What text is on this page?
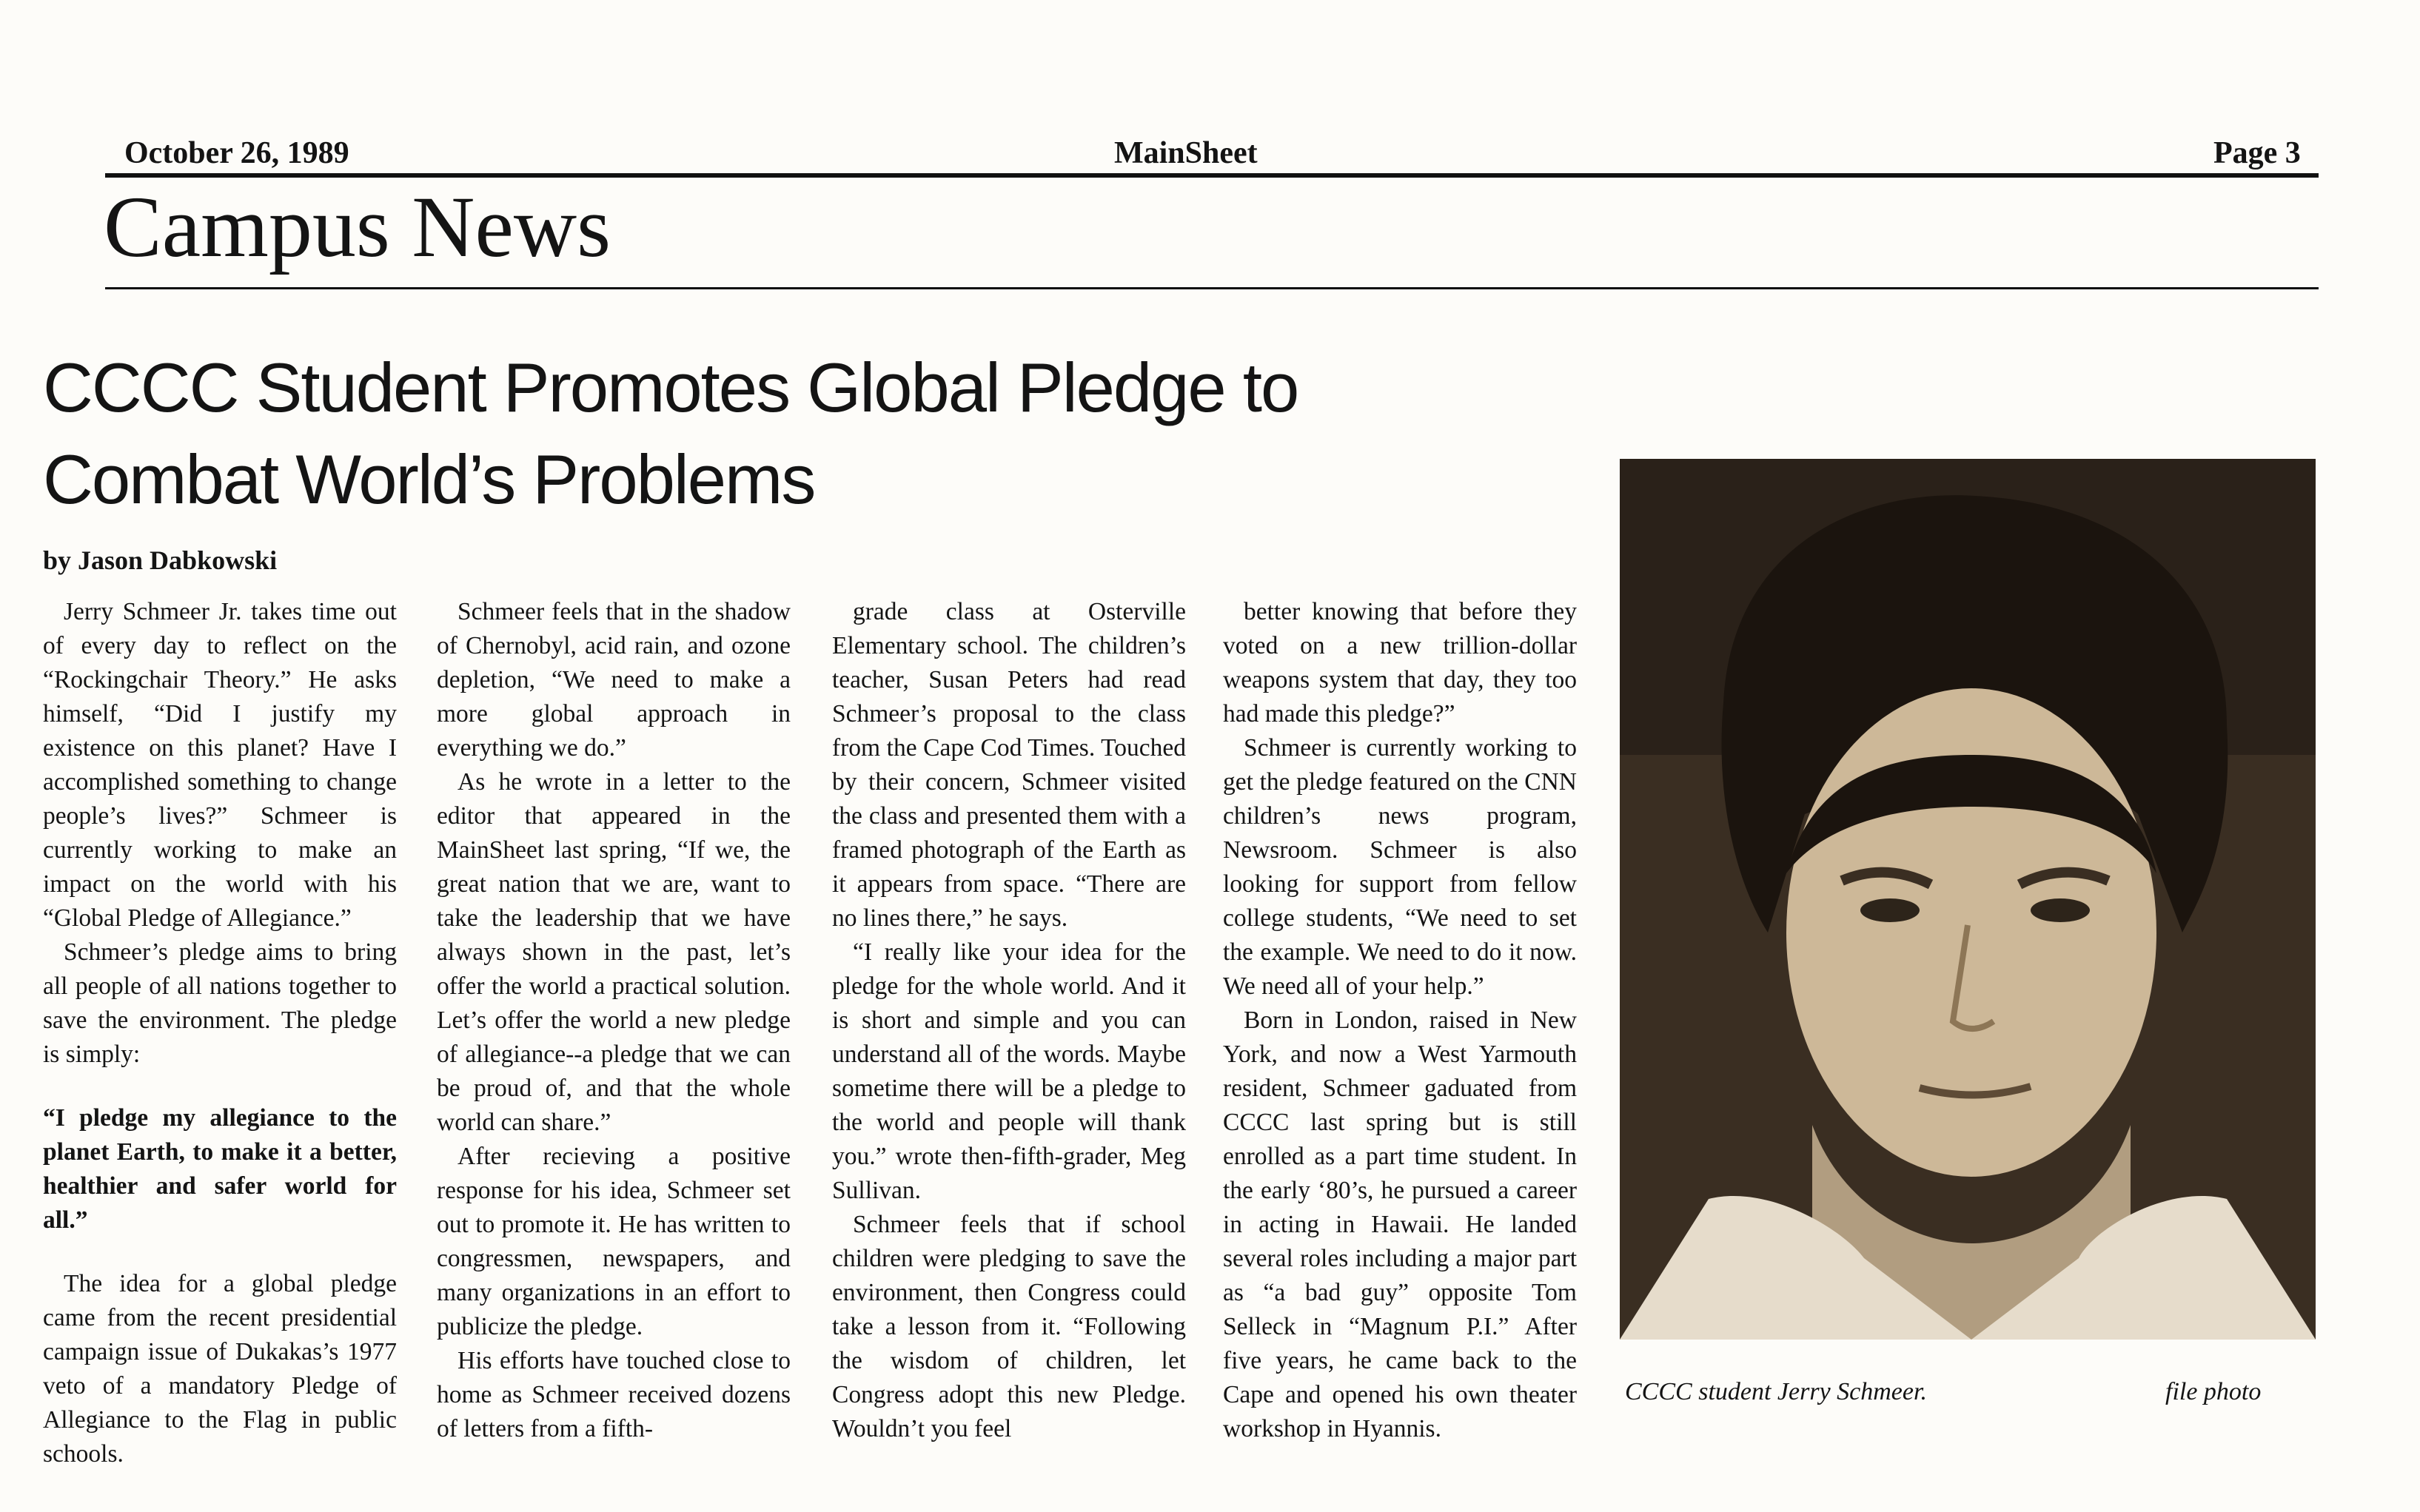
October 26, 1989	MainSheet	Page 3
Campus News
CCCC Student Promotes Global Pledge to
Combat World’s Problems
by Jason Dabkowski

Jerry Schmeer Jr. takes time out of every day to reflect on the “Rockingchair Theory.” He asks himself, “Did I justify my existence on this planet? Have I accomplished something to change people’s lives?” Schmeer is currently working to make an impact on the world with his “Global Pledge of Allegiance.”

Schmeer’s pledge aims to bring all people of all nations together to save the environment. The pledge is simply:

“I pledge my allegiance to the planet Earth, to make it a better, healthier and safer world for all.”

The idea for a global pledge came from the recent presidential campaign issue of Dukakas’s 1977 veto of a mandatory Pledge of Allegiance to the Flag in public schools.

Schmeer feels that in the shadow of Chernobyl, acid rain, and ozone depletion, “We need to make a more global approach in everything we do.”

As he wrote in a letter to the editor that appeared in the MainSheet last spring, “If we, the great nation that we are, want to take the leadership that we have always shown in the past, let’s offer the world a practical solution. Let’s offer the world a new pledge of allegiance--a pledge that we can be proud of, and that the whole world can share.”

After recieving a positive response for his idea, Schmeer set out to promote it. He has written to congressmen, newspapers, and many organizations in an effort to publicize the pledge.

His efforts have touched close to home as Schmeer received dozens of letters from a fifth-

grade class at Osterville Elementary school. The children’s teacher, Susan Peters had read Schmeer’s proposal to the class from the Cape Cod Times. Touched by their concern, Schmeer visited the class and presented them with a framed photograph of the Earth as it appears from space. “There are no lines there,” he says.

“I really like your idea for the pledge for the whole world. And it is short and simple and you can understand all of the words. Maybe sometime there will be a pledge to the world and people will thank you.” wrote then-fifth-grader, Meg Sullivan.

Schmeer feels that if school children were pledging to save the environment, then Congress could take a lesson from it. “Following the wisdom of children, let Congress adopt this new Pledge. Wouldn’t you feel

better knowing that before they voted on a new trillion-dollar weapons system that day, they too had made this pledge?”

Schmeer is currently working to get the pledge featured on the CNN children’s news program, Newsroom. Schmeer is also looking for support from fellow college students, “We need to set the example. We need to do it now. We need all of your help.”

Born in London, raised in New York, and now a West Yarmouth resident, Schmeer gaduated from CCCC last spring but is still enrolled as a part time student. In the early ‘80’s, he pursued a career in acting in Hawaii. He landed several roles including a major part as “a bad guy” opposite Tom Selleck in “Magnum P.I.” After five years, he came back to the Cape and opened his own theater workshop in Hyannis.

CCCC student Jerry Schmeer.	file photo
